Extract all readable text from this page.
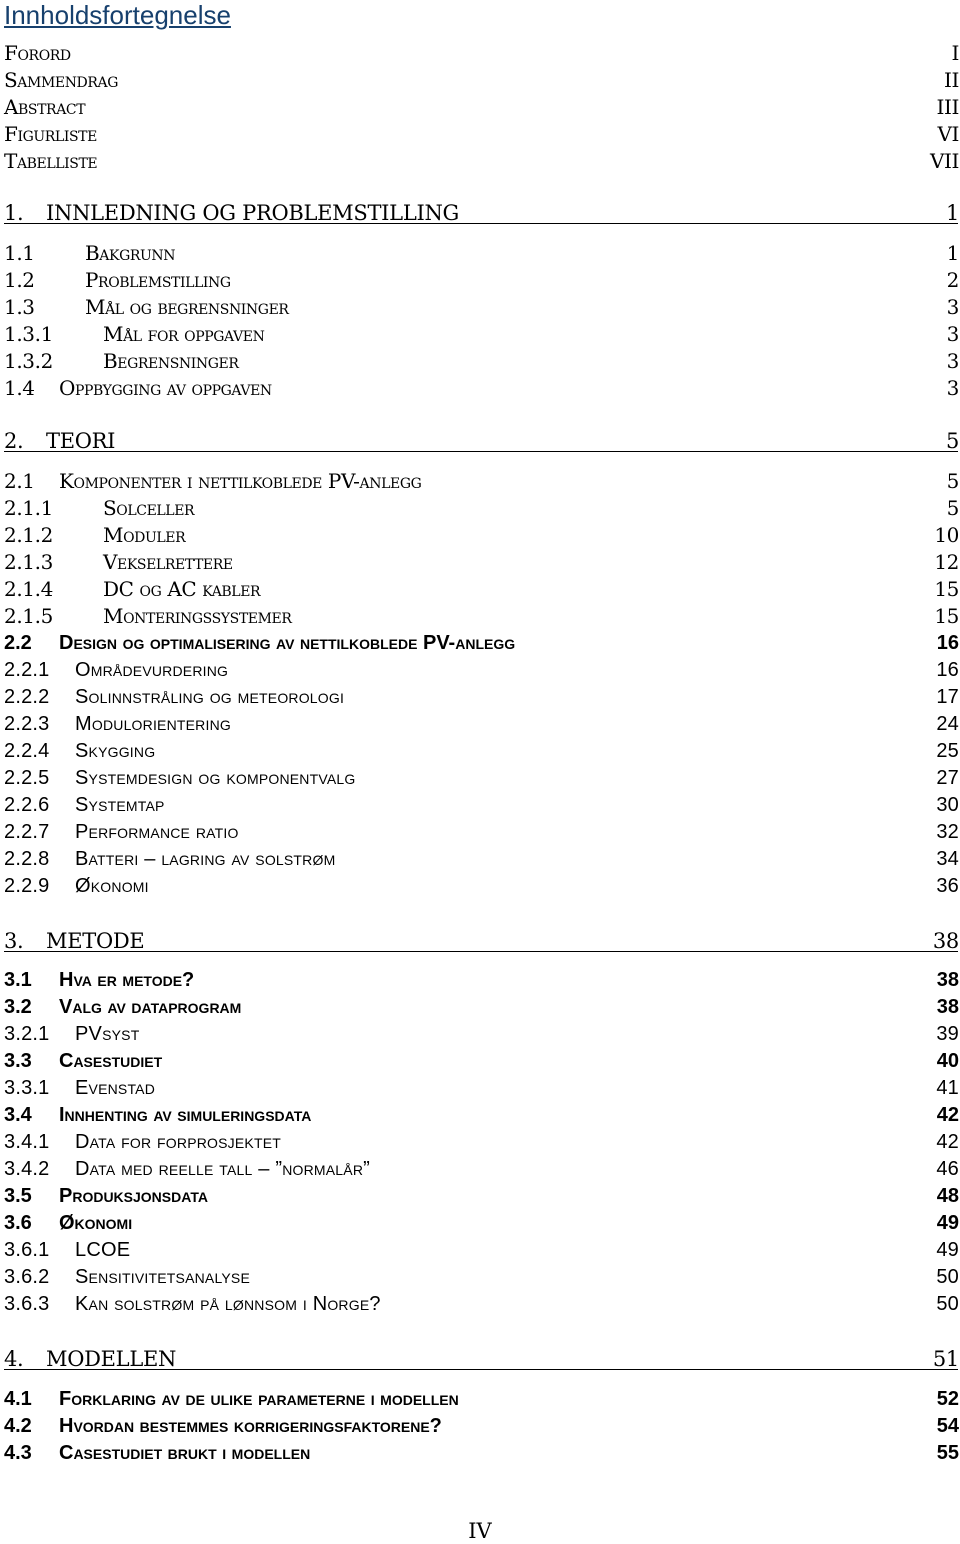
Innholdsfortegnelse
Forord	I
Sammendrag	II
Abstract	III
Figurliste	VI
Tabelliste	VII
1. INNLEDNING OG PROBLEMSTILLING	1
1.1	Bakgrunn	1
1.2	Problemstilling	2
1.3	Mål og begrensninger	3
1.3.1	Mål for oppgaven	3
1.3.2	Begrensninger	3
1.4 Oppbygging av oppgaven	3
2. TEORI	5
2.1 Komponenter i nettilkoblede PV-anlegg	5
2.1.1	Solceller	5
2.1.2	Moduler	10
2.1.3	Vekselrettere	12
2.1.4	DC og AC kabler	15
2.1.5	Monteringssystemer	15
2.2 Design og optimalisering av nettilkoblede PV-anlegg	16
2.2.1 Områdevurdering	16
2.2.2 Solinnstråling og meteorologi	17
2.2.3 Modulorientering	24
2.2.4 Skygging	25
2.2.5 Systemdesign og komponentvalg	27
2.2.6 Systemtap	30
2.2.7 Performance ratio	32
2.2.8 Batteri – lagring av solstrøm	34
2.2.9 Økonomi	36
3. METODE	38
3.1 Hva er metode?	38
3.2 Valg av dataprogram	38
3.2.1 PVsyst	39
3.3 Casestudiet	40
3.3.1 Evenstad	41
3.4 Innhenting av simuleringsdata	42
3.4.1 Data for forprosjektet	42
3.4.2 Data med reelle tall – ”normalår”	46
3.5 Produksjonsdata	48
3.6 Økonomi	49
3.6.1 LCOE	49
3.6.2 Sensitivitetsanalyse	50
3.6.3 Kan solstrøm på lønnsom i Norge?	50
4. MODELLEN	51
4.1 Forklaring av de ulike parameterne i modellen	52
4.2 Hvordan bestemmes korrigeringsfaktorene?	54
4.3 Casestudiet brukt i modellen	55
IV
